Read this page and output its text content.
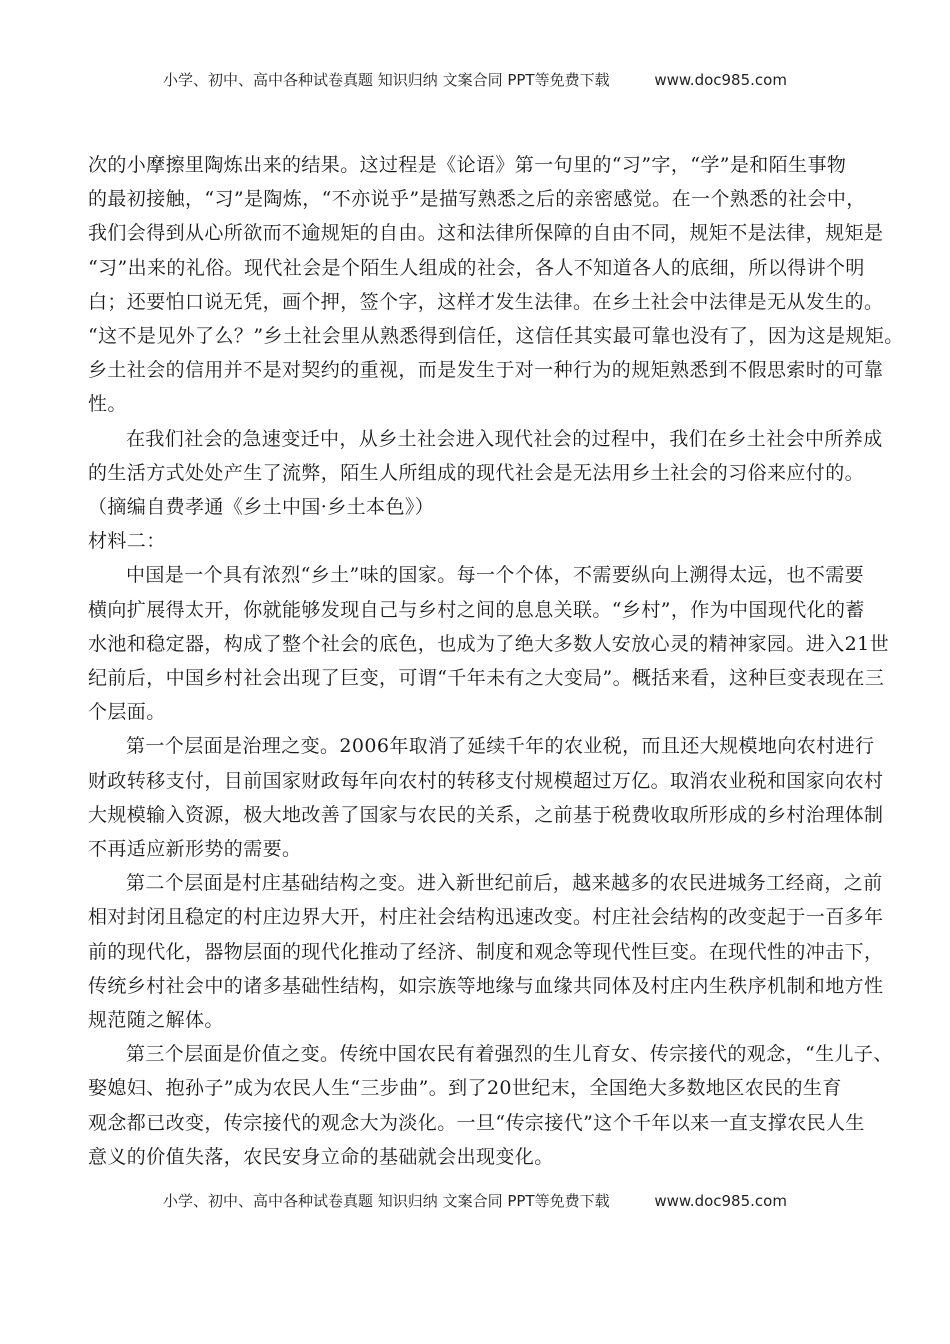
小学、初中、高中各种试卷真题 知识归纳 文案合同 PPT等免费下载	www.doc985.com

次的小摩擦里陶炼出来的结果。这过程是《论语》第一句里的“习”字，“学”是和陌生事物
的最初接触，“习”是陶炼，“不亦说乎”是描写熟悉之后的亲密感觉。在一个熟悉的社会中，
我们会得到从心所欲而不逾规矩的自由。这和法律所保障的自由不同，规矩不是法律，规矩是
“习”出来的礼俗。现代社会是个陌生人组成的社会，各人不知道各人的底细，所以得讲个明
白；还要怕口说无凭，画个押，签个字，这样才发生法律。在乡土社会中法律是无从发生的。
“这不是见外了么？”乡土社会里从熟悉得到信任，这信任其实最可靠也没有了，因为这是规矩。
乡土社会的信用并不是对契约的重视，而是发生于对一种行为的规矩熟悉到不假思索时的可靠
性。

在我们社会的急速变迁中，从乡土社会进入现代社会的过程中，我们在乡土社会中所养成
的生活方式处处产生了流弊，陌生人所组成的现代社会是无法用乡土社会的习俗来应付的。

（摘编自费孝通《乡土中国·乡土本色》）

材料二：

中国是一个具有浓烈“乡土”味的国家。每一个个体，不需要纵向上溯得太远，也不需要
横向扩展得太开，你就能够发现自己与乡村之间的息息关联。“乡村”，作为中国现代化的蓄
水池和稳定器，构成了整个社会的底色，也成为了绝大多数人安放心灵的精神家园。进入21世
纪前后，中国乡村社会出现了巨变，可谓“千年未有之大变局”。概括来看，这种巨变表现在三
个层面。

第一个层面是治理之变。2006年取消了延续千年的农业税，而且还大规模地向农村进行
财政转移支付，目前国家财政每年向农村的转移支付规模超过万亿。取消农业税和国家向农村
大规模输入资源，极大地改善了国家与农民的关系，之前基于税费收取所形成的乡村治理体制
不再适应新形势的需要。

第二个层面是村庄基础结构之变。进入新世纪前后，越来越多的农民进城务工经商，之前
相对封闭且稳定的村庄边界大开，村庄社会结构迅速改变。村庄社会结构的改变起于一百多年
前的现代化，器物层面的现代化推动了经济、制度和观念等现代性巨变。在现代性的冲击下，
传统乡村社会中的诸多基础性结构，如宗族等地缘与血缘共同体及村庄内生秩序机制和地方性
规范随之解体。

第三个层面是价值之变。传统中国农民有着强烈的生儿育女、传宗接代的观念，“生儿子、
娶媳妇、抱孙子”成为农民人生“三步曲”。到了20世纪末，全国绝大多数地区农民的生育
观念都已改变，传宗接代的观念大为淡化。一旦“传宗接代”这个千年以来一直支撑农民人生
意义的价值失落，农民安身立命的基础就会出现变化。

小学、初中、高中各种试卷真题 知识归纳 文案合同 PPT等免费下载	www.doc985.com
